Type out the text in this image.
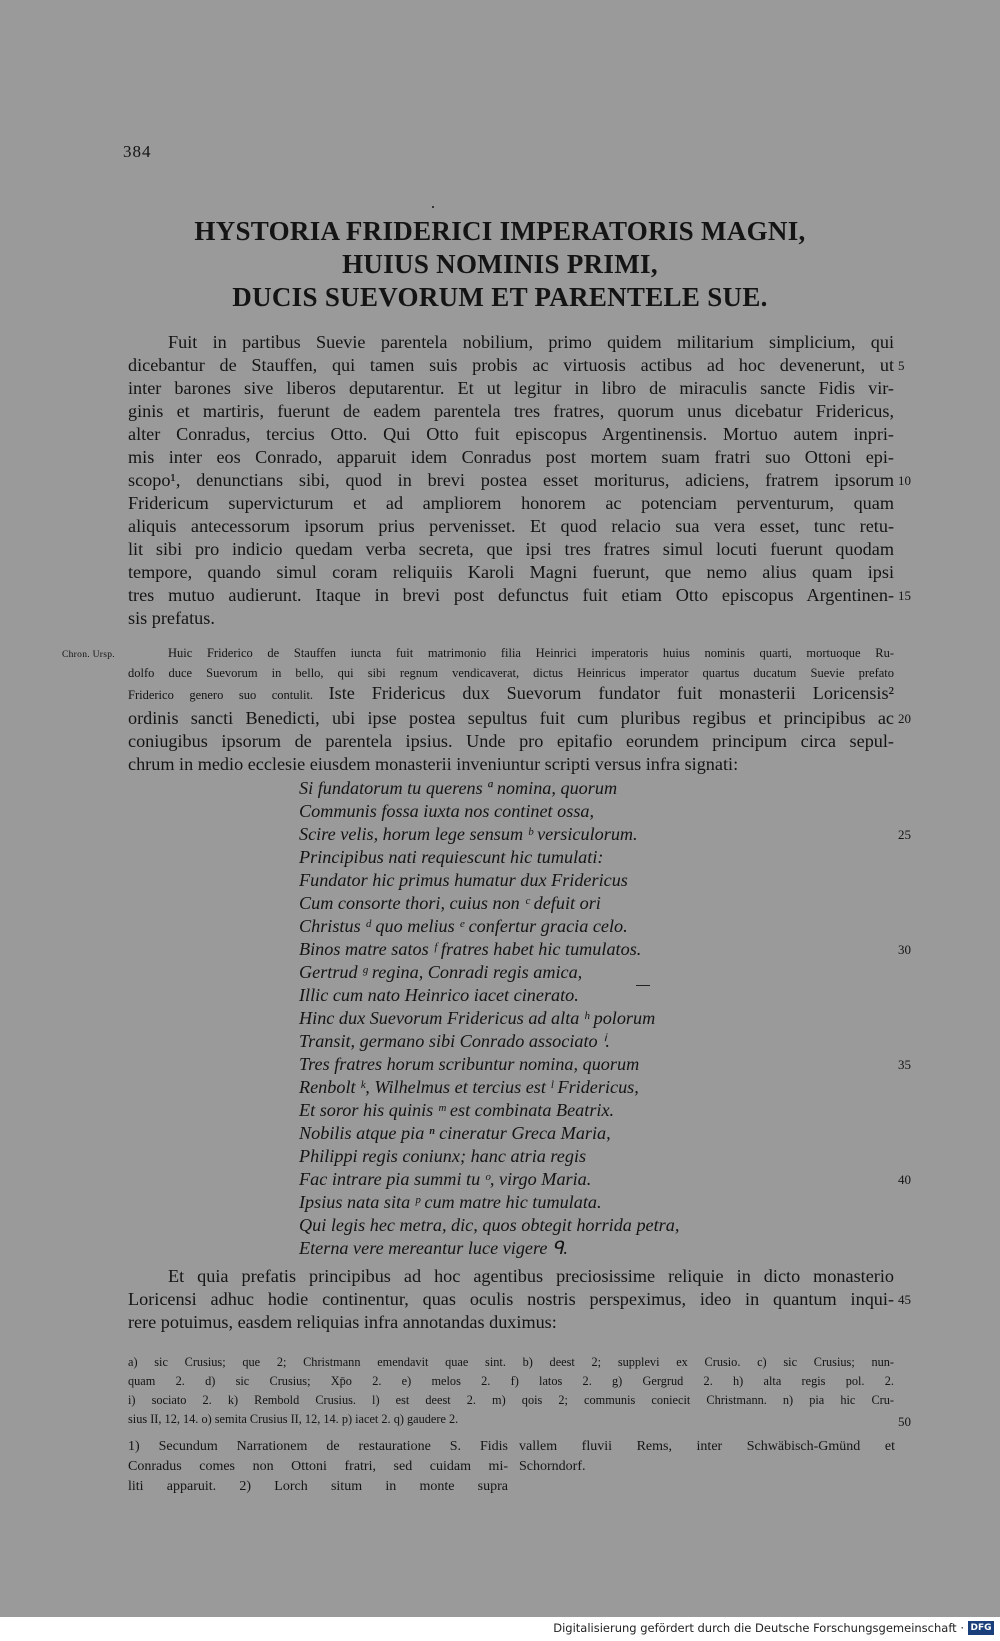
384
HYSTORIA FRIDERICI IMPERATORIS MAGNI,
HUIUS NOMINIS PRIMI,
DUCIS SUEVORUM ET PARENTELE SUE.
Fuit in partibus Suevie parentela nobilium, primo quidem militarium simplicium, qui
dicebantur de Stauffen, qui tamen suis probis ac virtuosis actibus ad hoc devenerunt, ut
inter barones sive liberos deputarentur. Et ut legitur in libro de miraculis sancte Fidis vir-
ginis et martiris, fuerunt de eadem parentela tres fratres, quorum unus dicebatur Fridericus,
alter Conradus, tercius Otto. Qui Otto fuit episcopus Argentinensis. Mortuo autem inpri-
mis inter eos Conrado, apparuit idem Conradus post mortem suam fratri suo Ottoni epi-
scopo¹, denunctians sibi, quod in brevi postea esset moriturus, adiciens, fratrem ipsorum
Fridericum supervicturum et ad ampliorem honorem ac potenciam perventurum, quam
aliquis antecessorum ipsorum prius pervenisset. Et quod relacio sua vera esset, tunc retu-
lit sibi pro indicio quedam verba secreta, que ipsi tres fratres simul locuti fuerunt quodam
tempore, quando simul coram reliquiis Karoli Magni fuerunt, que nemo alius quam ipsi
tres mutuo audierunt. Itaque in brevi post defunctus fuit etiam Otto episcopus Argentinen-
sis prefatus.
Chron. Ursp.	Huic Friderico de Stauffen iuncta fuit matrimonio filia Heinrici imperatoris huius nominis quarti, mortuoque Ru-
dolfo duce Suevorum in bello, qui sibi regnum vendicaverat, dictus Heinricus imperator quartus ducatum Suevie prefato
Friderico genero suo contulit. Iste Fridericus dux Suevorum fundator fuit monasterii Loricensis²
ordinis sancti Benedicti, ubi ipse postea sepultus fuit cum pluribus regibus et principibus ac
coniugibus ipsorum de parentela ipsius. Unde pro epitafio eorundem principum circa sepul-
chrum in medio ecclesie eiusdem monasterii inveniuntur scripti versus infra signati:
Si fundatorum tu querens ª nomina, quorum
Communis fossa iuxta nos continet ossa,
Scire velis, horum lege sensum ᵇ versiculorum.
Principibus nati requiescunt hic tumulati:
Fundator hic primus humatur dux Fridericus
Cum consorte thori, cuius non ᶜ defuit ori
Christus ᵈ quo melius ᵉ confertur gracia celo.
Binos matre satos ᶠ fratres habet hic tumulatos.
Gertrud ᵍ regina, Conradi regis amica,
Illic cum nato Heinrico iacet cinerato.
Hinc dux Suevorum Fridericus ad alta ʰ polorum
Transit, germano sibi Conrado associato ⁱ.
Tres fratres horum scribuntur nomina, quorum
Renbolt ᵏ, Wilhelmus et tercius est ˡ Fridericus,
Et soror his quinis ᵐ est combinata Beatrix.
Nobilis atque pia ⁿ cineratur Greca Maria,
Philippi regis coniunx; hanc atria regis
Fac intrare pia summi tu ᵒ, virgo Maria.
Ipsius nata sita ᵖ cum matre hic tumulata.
Qui legis hec metra, dic, quos obtegit horrida petra,
Eterna vere mereantur luce vigere ᑫ.
Et quia prefatis principibus ad hoc agentibus preciosissime reliquie in dicto monasterio
Loricensi adhuc hodie continentur, quas oculis nostris perspeximus, ideo in quantum inqui-
rere potuimus, easdem reliquias infra annotandas duximus:
5
10
15
20
25
30
35
40
45
50
a) sic Crusius; que 2; Christmann emendavit quae sint. b) deest 2; supplevi ex Crusio. c) sic Crusius; nun-
quam 2. d) sic Crusius; Xp̄o 2. e) melos 2. f) latos 2. g) Gergrud 2. h) alta regis pol. 2.
i) sociato 2. k) Rembold Crusius. l) est deest 2. m) qois 2; communis coniecit Christmann. n) pia hic Cru-
sius II, 12, 14. o) semita Crusius II, 12, 14. p) iacet 2. q) gaudere 2.
1) Secundum Narrationem de restauratione S. Fidis
Conradus comes non Ottoni fratri, sed cuidam mi-
liti apparuit. 2) Lorch situm in monte supra
vallem fluvii Rems, inter Schwäbisch-Gmünd et
Schorndorf.
Digitalisierung gefördert durch die Deutsche Forschungsgemeinschaft · DFG
